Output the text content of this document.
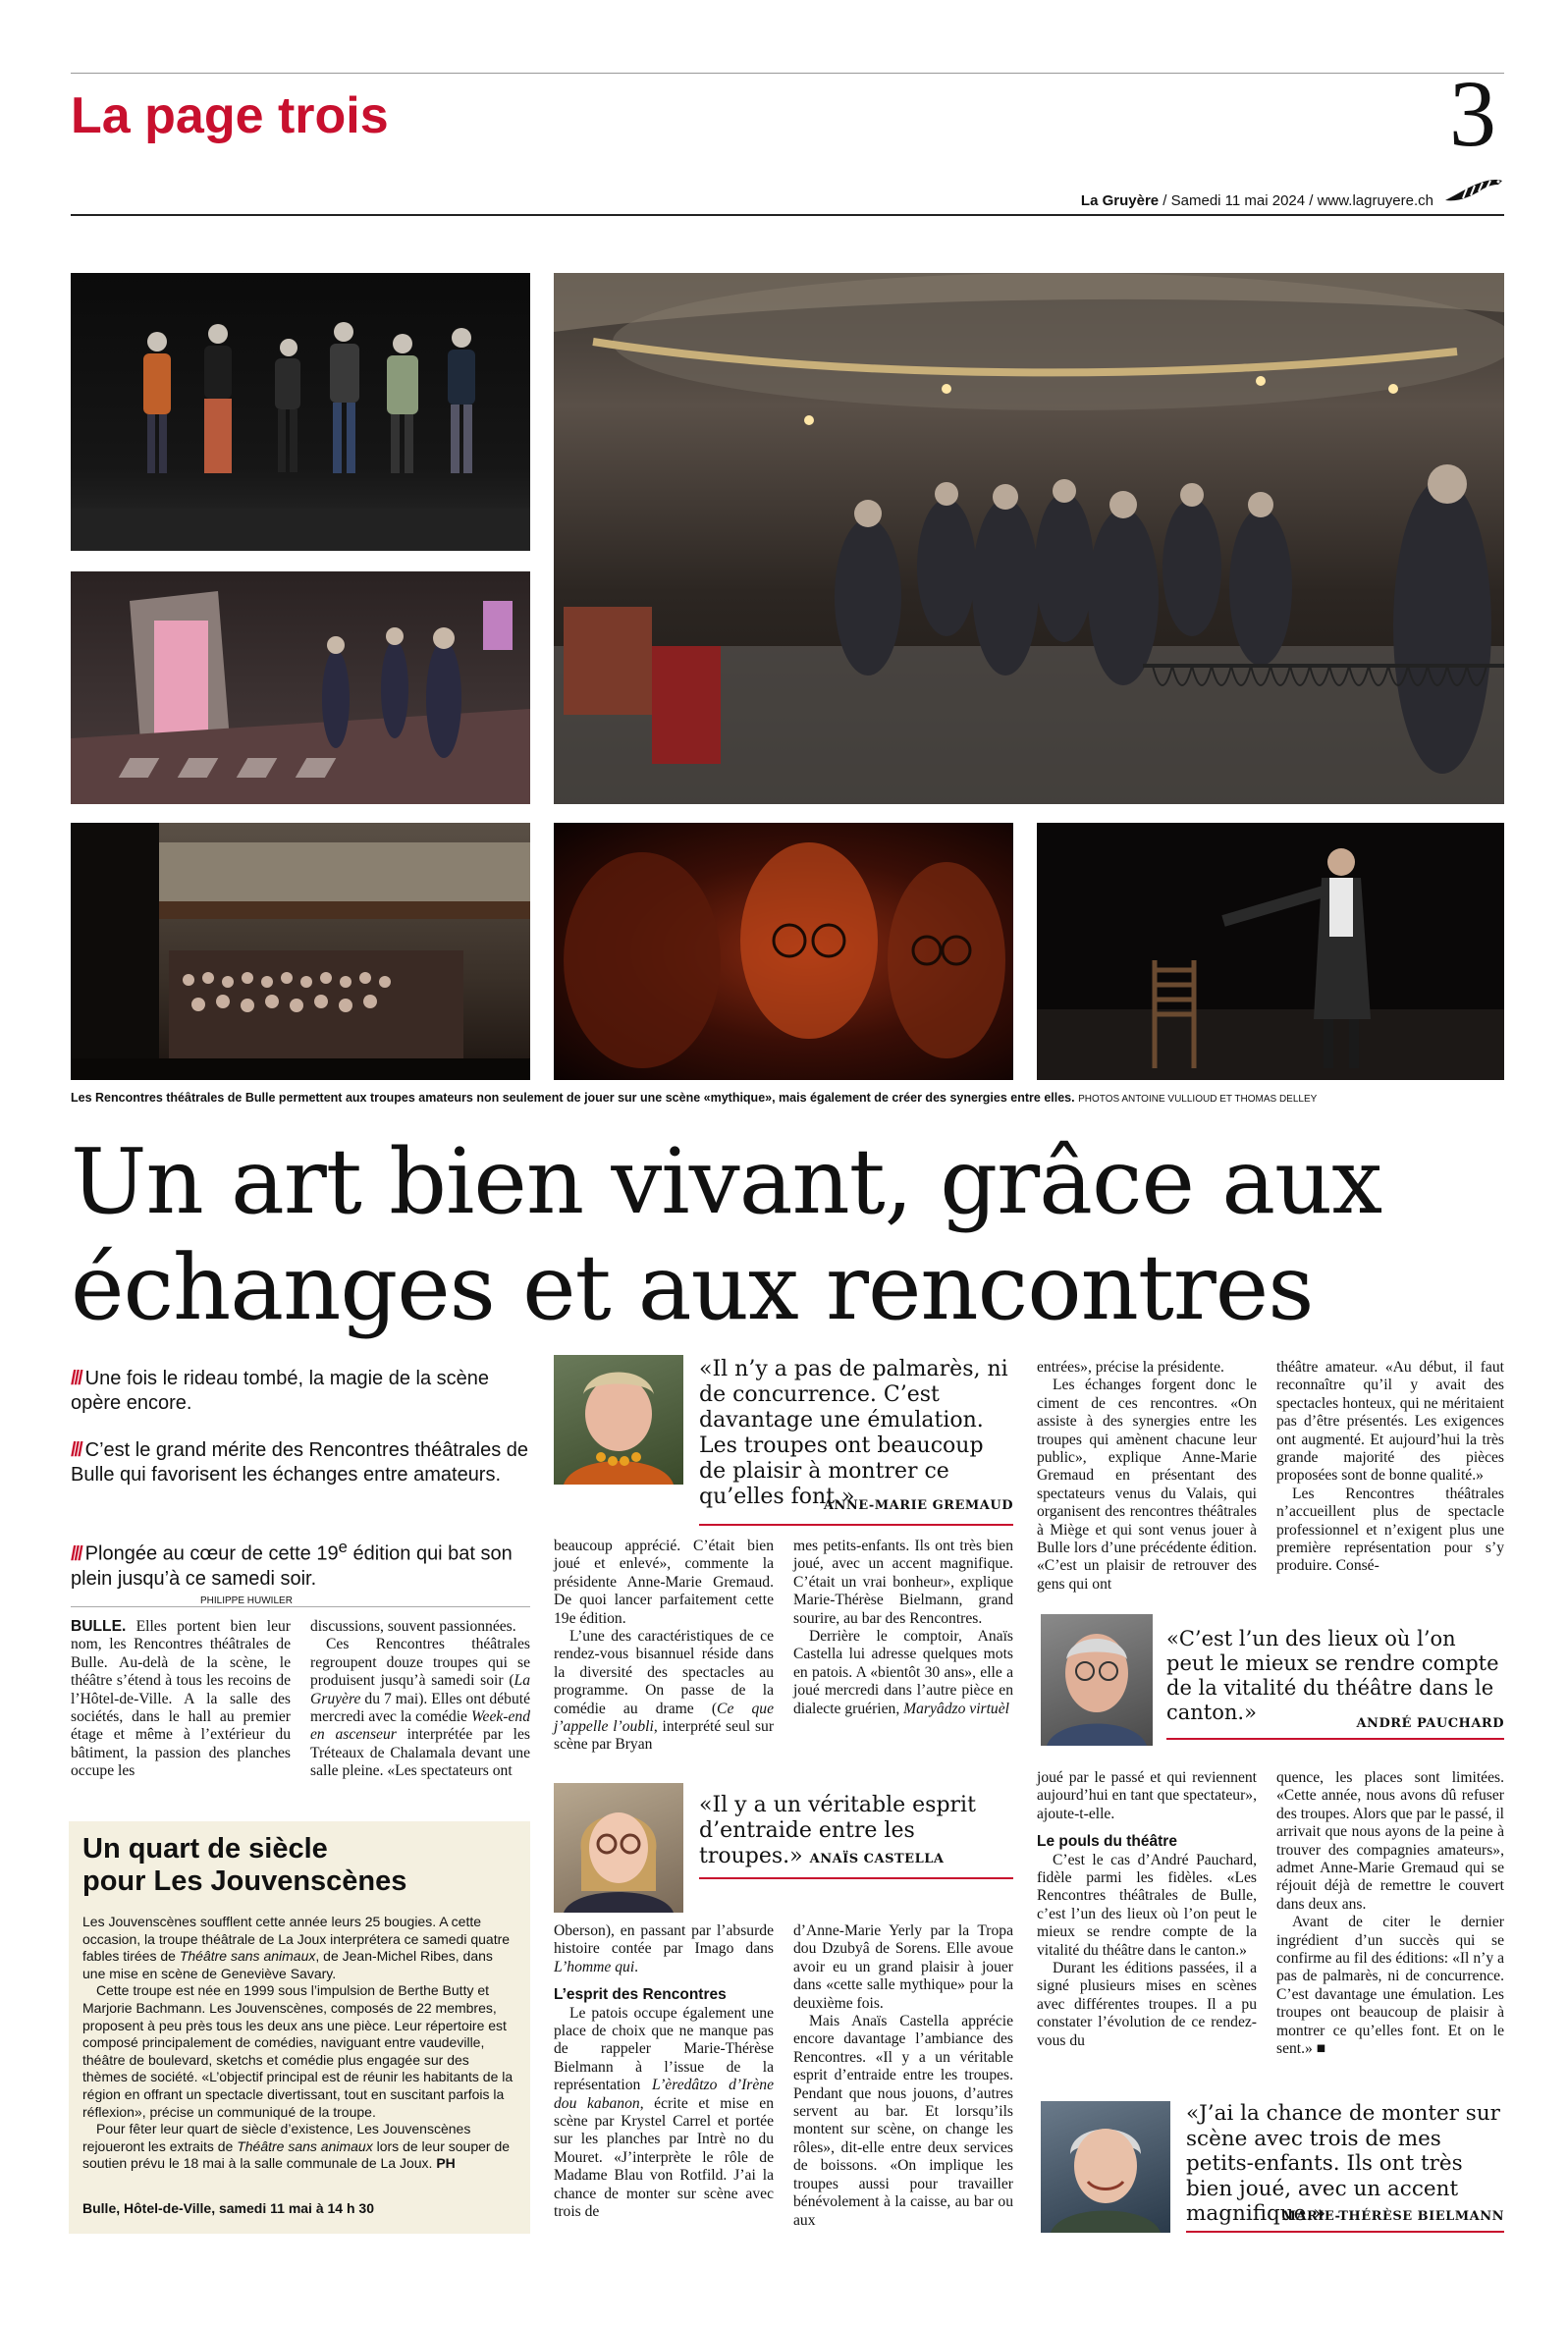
La page trois	3
La Gruyère / Samedi 11 mai 2024 / www.lagruyere.ch
Les Rencontres théâtrales de Bulle permettent aux troupes amateurs non seulement de jouer sur une scène «mythique», mais également de créer des synergies entre elles. PHOTOS ANTOINE VULLIOUD ET THOMAS DELLEY
Un art bien vivant, grâce aux
échanges et aux rencontres
/// Une fois le rideau tombé, la magie de la scène opère encore.
/// C’est le grand mérite des Rencontres théâtrales de Bulle qui favorisent les échanges entre amateurs.
/// Plongée au cœur de cette 19e édition qui bat son plein jusqu’à ce samedi soir.
PHILIPPE HUWILER

BULLE. Elles portent bien leur nom, les Rencontres théâtrales de Bulle. Au-delà de la scène, le théâtre s’étend à tous les recoins de l’Hôtel-de-Ville. A la salle des sociétés, dans le hall au premier étage et même à l’extérieur du bâtiment, la passion des planches occupe les

discussions, souvent passionnées.

Ces Rencontres théâtrales regroupent douze troupes qui se produisent jusqu’à samedi soir (La Gruyère du 7 mai). Elles ont débuté mercredi avec la comédie Week-end en ascenseur interprétée par les Tréteaux de Chalamala devant une salle pleine. «Les spectateurs ont

«Il n’y a pas de palmarès, ni de concurrence. C’est davantage une émulation. Les troupes ont beaucoup de plaisir à montrer ce qu’elles font.»
ANNE-MARIE GREMAUD

beaucoup apprécié. C’était bien joué et enlevé», commente la présidente Anne-Marie Gremaud. De quoi lancer parfaitement cette 19e édition.

L’une des caractéristiques de ce rendez-vous bisannuel réside dans la diversité des spectacles au programme. On passe de la comédie au drame (Ce que j’appelle l’oubli, interprété seul sur scène par Bryan

mes petits-enfants. Ils ont très bien joué, avec un accent magnifique. C’était un vrai bonheur», explique Marie-Thérèse Bielmann, grand sourire, au bar des Rencontres.

Derrière le comptoir, Anaïs Castella lui adresse quelques mots en patois. A «bientôt 30 ans», elle a joué mercredi dans l’autre pièce en dialecte gruérien, Maryâdzo virtuèl

entrées», précise la présidente.

Les échanges forgent donc le ciment de ces rencontres. «On assiste à des synergies entre les troupes qui amènent chacune leur public», explique Anne-Marie Gremaud en présentant des spectateurs venus du Valais, qui organisent des rencontres théâtrales à Miège et qui sont venus jouer à Bulle lors d’une précédente édition. «C’est un plaisir de retrouver des gens qui ont

théâtre amateur. «Au début, il faut reconnaître qu’il y avait des spectacles honteux, qui ne méritaient pas d’être présentés. Les exigences ont augmenté. Et aujourd’hui la très grande majorité des pièces proposées sont de bonne qualité.»

Les Rencontres théâtrales n’accueillent plus de spectacle professionnel et n’exigent plus une première représentation pour s’y produire. Consé-

«C’est l’un des lieux où l’on peut le mieux se rendre compte de la vitalité du théâtre dans le canton.»	ANDRÉ PAUCHARD

joué par le passé et qui reviennent aujourd’hui en tant que spectateur», ajoute-t-elle.

Le pouls du théâtre

C’est le cas d’André Pauchard, fidèle parmi les fidèles. «Les Rencontres théâtrales de Bulle, c’est l’un des lieux où l’on peut le mieux se rendre compte de la vitalité du théâtre dans le canton.»

Durant les éditions passées, il a signé plusieurs mises en scènes avec différentes troupes. Il a pu constater l’évolution de ce rendez-vous du

quence, les places sont limitées. «Cette année, nous avons dû refuser des troupes. Alors que par le passé, il arrivait que nous ayons de la peine à trouver des compagnies amateurs», admet Anne-Marie Gremaud qui se réjouit déjà de remettre le couvert dans deux ans.

Avant de citer le dernier ingrédient d’un succès qui se confirme au fil des éditions: «Il n’y a pas de palmarès, ni de concurrence. C’est davantage une émulation. Les troupes ont beaucoup de plaisir à montrer ce qu’elles font. Et on le sent.» ■

«Il y a un véritable esprit d’entraide entre les troupes.» ANAÏS CASTELLA

Oberson), en passant par l’absurde histoire contée par Imago dans L’homme qui.

L’esprit des Rencontres

Le patois occupe également une place de choix que ne manque pas de rappeler Marie-Thérèse Bielmann à l’issue de la représentation L’èredâtzo d’Irène dou kabanon, écrite et mise en scène par Krystel Carrel et portée sur les planches par Intrè no du Mouret. «J’interprète le rôle de Madame Blau von Rotfild. J’ai la chance de monter sur scène avec trois de

d’Anne-Marie Yerly par la Tropa dou Dzubyâ de Sorens. Elle avoue avoir eu un grand plaisir à jouer dans «cette salle mythique» pour la deuxième fois.

Mais Anaïs Castella apprécie encore davantage l’ambiance des Rencontres. «Il y a un véritable esprit d’entraide entre les troupes. Pendant que nous jouons, d’autres servent au bar. Et lorsqu’ils montent sur scène, on change les rôles», dit-elle entre deux services de boissons. «On implique les troupes aussi pour travailler bénévolement à la caisse, au bar ou aux

«J’ai la chance de monter sur scène avec trois de mes petits-enfants. Ils ont très bien joué, avec un accent magnifique.»
MARIE-THÉRÈSE BIELMANN
Un quart de siècle
pour Les Jouvenscènes

Les Jouvenscènes soufflent cette année leurs 25 bougies. A cette occasion, la troupe théâtrale de La Joux interprétera ce samedi quatre fables tirées de Théâtre sans animaux, de Jean-Michel Ribes, dans une mise en scène de Geneviève Savary.

Cette troupe est née en 1999 sous l’impulsion de Berthe Butty et Marjorie Bachmann. Les Jouvenscènes, composés de 22 membres, proposent à peu près tous les deux ans une pièce. Leur répertoire est composé principalement de comédies, naviguant entre vaudeville, théâtre de boulevard, sketchs et comédie plus engagée sur des thèmes de société. «L’objectif principal est de réunir les habitants de la région en offrant un spectacle divertissant, tout en suscitant parfois la réflexion», précise un communiqué de la troupe.

Pour fêter leur quart de siècle d’existence, Les Jouvenscènes rejoueront les extraits de Théâtre sans animaux lors de leur souper de soutien prévu le 18 mai à la salle communale de La Joux. PH

Bulle, Hôtel-de-Ville, samedi 11 mai à 14 h 30
